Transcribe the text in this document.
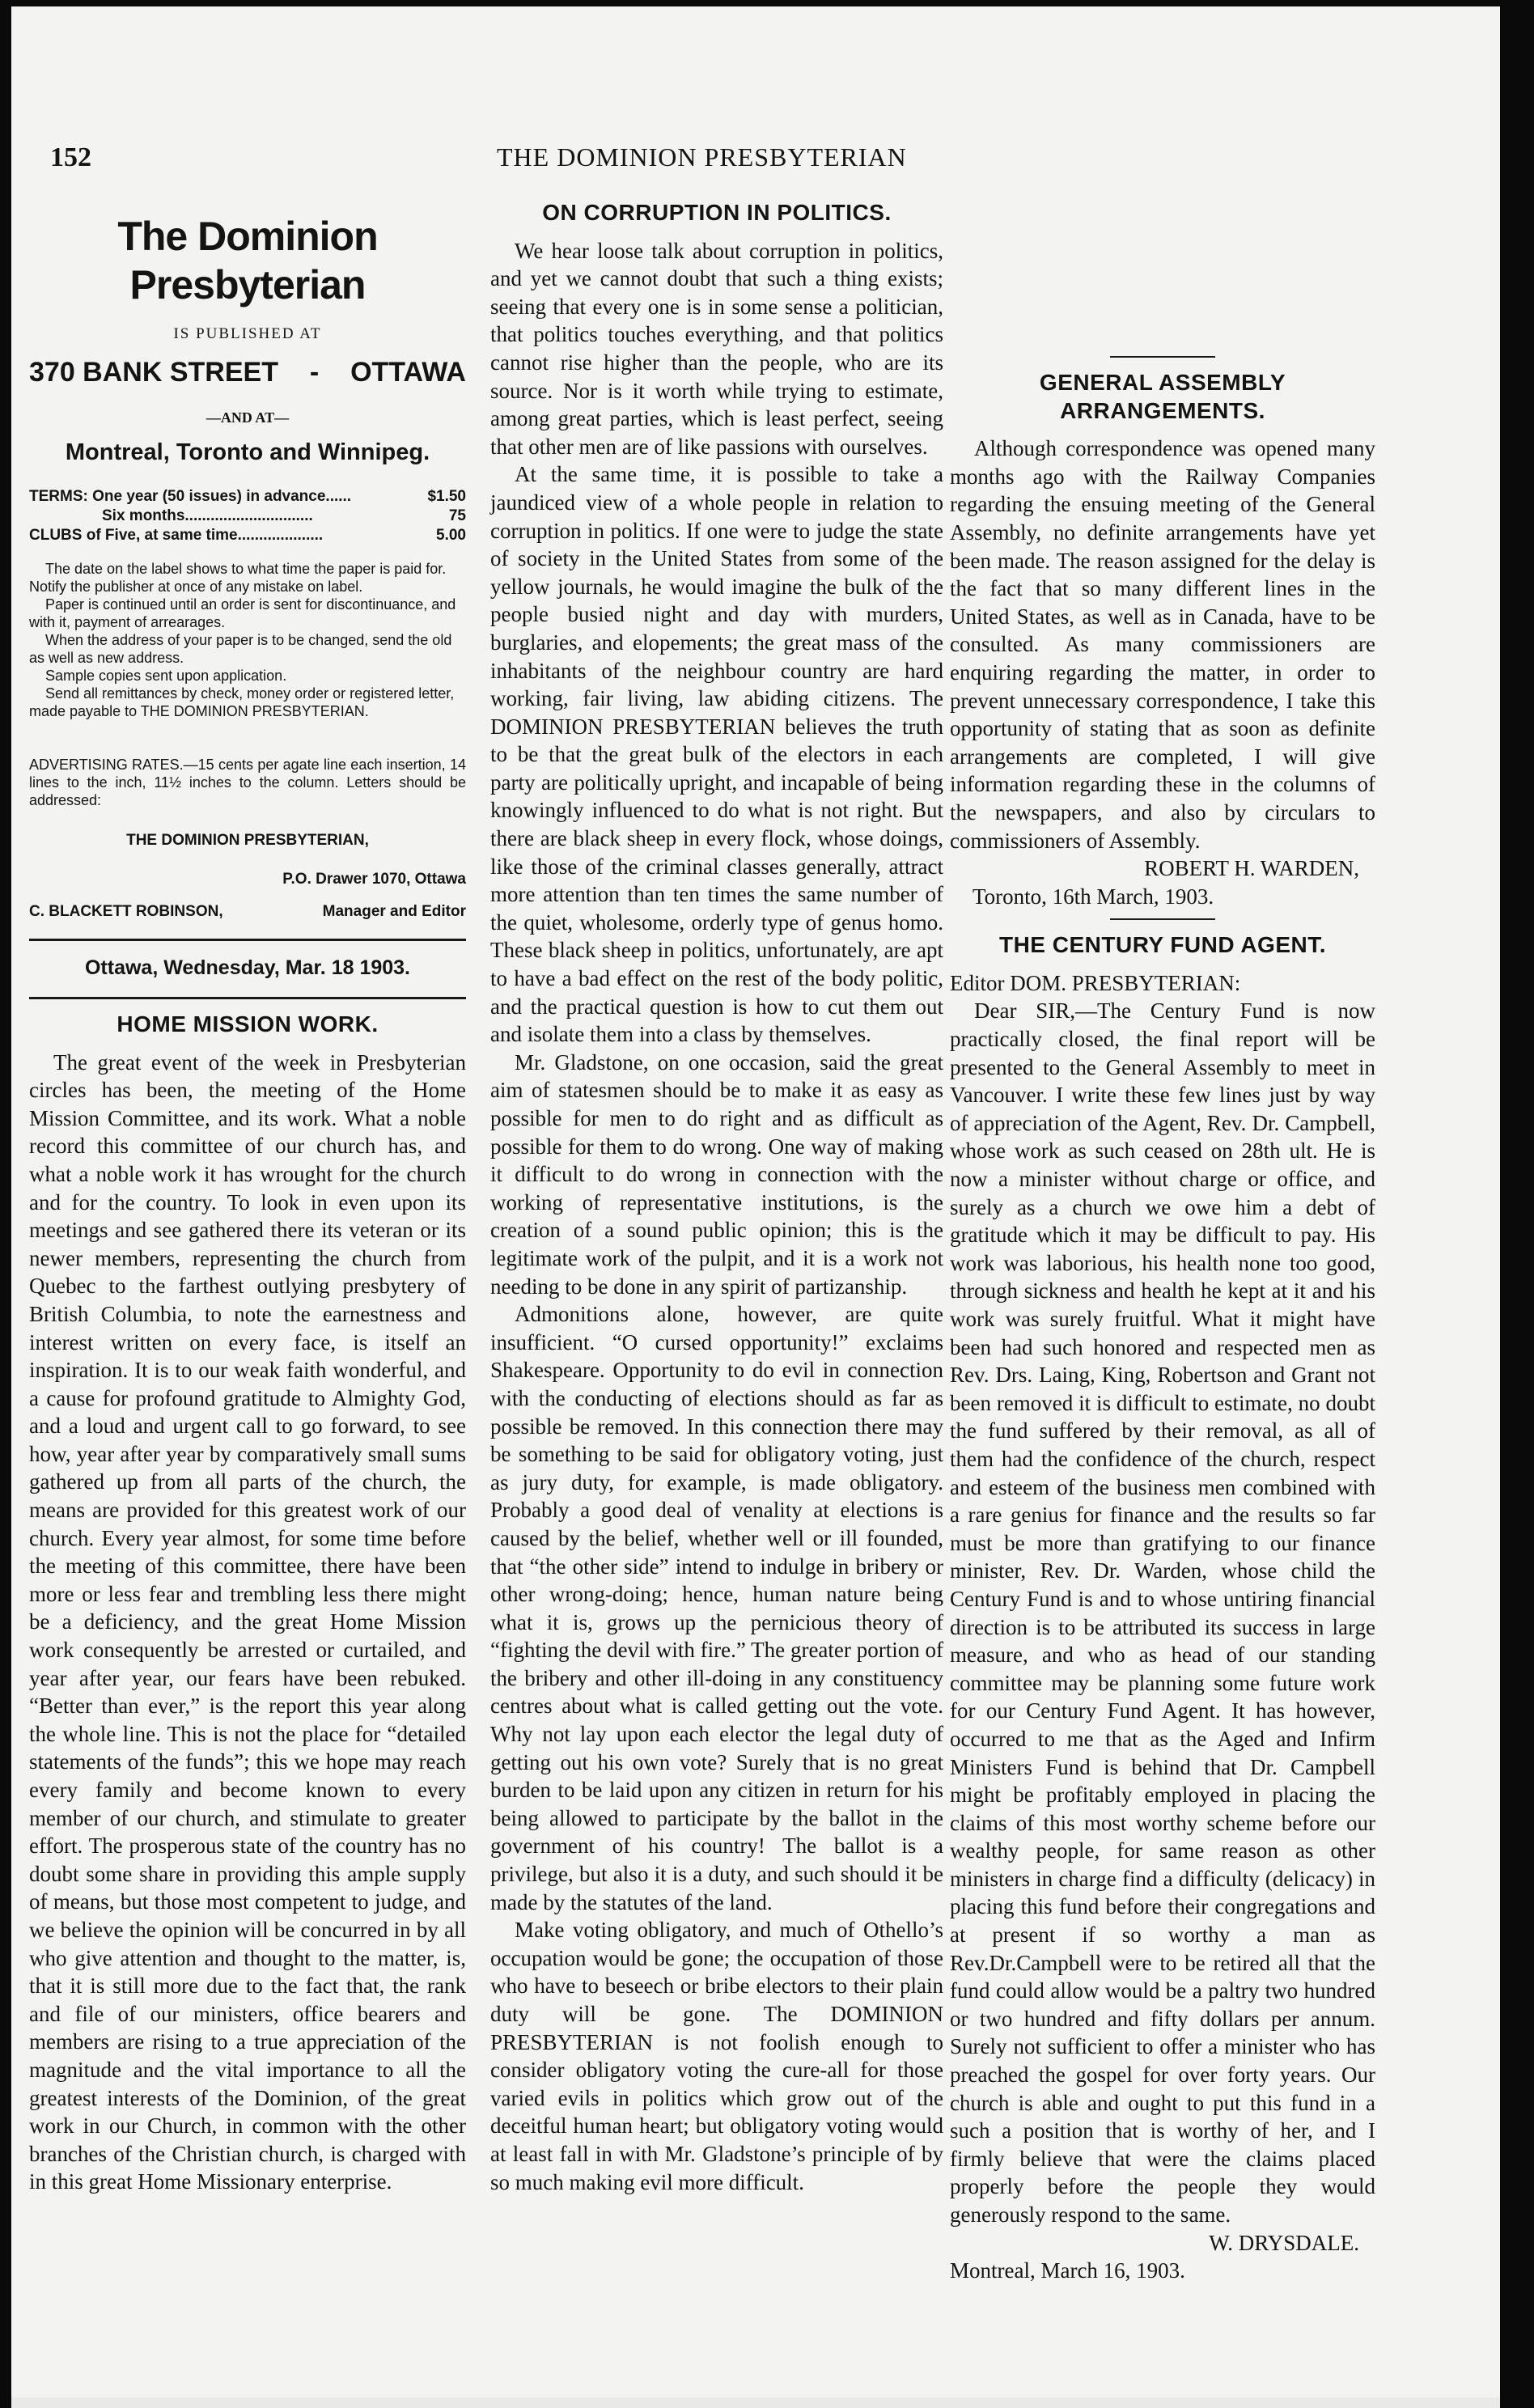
152	THE DOMINION PRESBYTERIAN
The Dominion Presbyterian
IS PUBLISHED AT
370 BANK STREET - OTTAWA
—AND AT—
Montreal, Toronto and Winnipeg.
TERMS: One year (50 issues) in advance......	$1.50
Six months..............................	75
CLUBS of Five, at same time....................	5.00

The date on the label shows to what time the paper is paid for. Notify the publisher at once of any mistake on label.

Paper is continued until an order is sent for discontinuance, and with it, payment of arrearages.

When the address of your paper is to be changed, send the old as well as new address.

Sample copies sent upon application.

Send all remittances by check, money order or registered letter, made payable to THE DOMINION PRESBYTERIAN.

ADVERTISING RATES.—15 cents per agate line each insertion, 14 lines to the inch, 11½ inches to the column. Letters should be addressed:
THE DOMINION PRESBYTERIAN,
P.O. Drawer 1070, Ottawa
C. BLACKETT ROBINSON,	Manager and Editor
Ottawa, Wednesday, Mar. 18 1903.
HOME MISSION WORK.

The great event of the week in Presbyterian circles has been, the meeting of the Home Mission Committee, and its work. What a noble record this committee of our church has, and what a noble work it has wrought for the church and for the country. To look in even upon its meetings and see gathered there its veteran or its newer members, representing the church from Quebec to the farthest outlying presbytery of British Columbia, to note the earnestness and interest written on every face, is itself an inspiration. It is to our weak faith wonderful, and a cause for profound gratitude to Almighty God, and a loud and urgent call to go forward, to see how, year after year by comparatively small sums gathered up from all parts of the church, the means are provided for this greatest work of our church. Every year almost, for some time before the meeting of this committee, there have been more or less fear and trembling less there might be a deficiency, and the great Home Mission work consequently be arrested or curtailed, and year after year, our fears have been rebuked. “Better than ever,” is the report this year along the whole line. This is not the place for “detailed statements of the funds”; this we hope may reach every family and become known to every member of our church, and stimulate to greater effort. The prosperous state of the country has no doubt some share in providing this ample supply of means, but those most competent to judge, and we believe the opinion will be concurred in by all who give attention and thought to the matter, is, that it is still more due to the fact that, the rank and file of our ministers, office bearers and members are rising to a true appreciation of the magnitude and the vital importance to all the greatest interests of the Dominion, of the great work in our Church, in common with the other branches of the Christian church, is charged with in this great Home Missionary enterprise.

ON CORRUPTION IN POLITICS.

We hear loose talk about corruption in politics, and yet we cannot doubt that such a thing exists; seeing that every one is in some sense a politician, that politics touches everything, and that politics cannot rise higher than the people, who are its source. Nor is it worth while trying to estimate, among great parties, which is least perfect, seeing that other men are of like passions with ourselves.

At the same time, it is possible to take a jaundiced view of a whole people in relation to corruption in politics. If one were to judge the state of society in the United States from some of the yellow journals, he would imagine the bulk of the people busied night and day with murders, burglaries, and elopements; the great mass of the inhabitants of the neighbour country are hard working, fair living, law abiding citizens. The DOMINION PRESBYTERIAN believes the truth to be that the great bulk of the electors in each party are politically upright, and incapable of being knowingly influenced to do what is not right. But there are black sheep in every flock, whose doings, like those of the criminal classes generally, attract more attention than ten times the same number of the quiet, wholesome, orderly type of genus homo. These black sheep in politics, unfortunately, are apt to have a bad effect on the rest of the body politic, and the practical question is how to cut them out and isolate them into a class by themselves.

Mr. Gladstone, on one occasion, said the great aim of statesmen should be to make it as easy as possible for men to do right and as difficult as possible for them to do wrong. One way of making it difficult to do wrong in connection with the working of representative institutions, is the creation of a sound public opinion; this is the legitimate work of the pulpit, and it is a work not needing to be done in any spirit of partizanship.

Admonitions alone, however, are quite insufficient. “O cursed opportunity!” exclaims Shakespeare. Opportunity to do evil in connection with the conducting of elections should as far as possible be removed. In this connection there may be something to be said for obligatory voting, just as jury duty, for example, is made obligatory. Probably a good deal of venality at elections is caused by the belief, whether well or ill founded, that “the other side” intend to indulge in bribery or other wrong-doing; hence, human nature being what it is, grows up the pernicious theory of “fighting the devil with fire.” The greater portion of the bribery and other ill-doing in any constituency centres about what is called getting out the vote. Why not lay upon each elector the legal duty of getting out his own vote? Surely that is no great burden to be laid upon any citizen in return for his being allowed to participate by the ballot in the government of his country! The ballot is a privilege, but also it is a duty, and such should it be made by the statutes of the land.

Make voting obligatory, and much of Othello’s occupation would be gone; the occupation of those who have to beseech or bribe electors to their plain duty will be gone. The DOMINION PRESBYTERIAN is not foolish enough to consider obligatory voting the cure-all for those varied evils in politics which grow out of the deceitful human heart; but obligatory voting would at least fall in with Mr. Gladstone’s principle of by so much making evil more difficult.

GENERAL ASSEMBLY ARRANGEMENTS.

Although correspondence was opened many months ago with the Railway Companies regarding the ensuing meeting of the General Assembly, no definite arrangements have yet been made. The reason assigned for the delay is the fact that so many different lines in the United States, as well as in Canada, have to be consulted. As many commissioners are enquiring regarding the matter, in order to prevent unnecessary correspondence, I take this opportunity of stating that as soon as definite arrangements are completed, I will give information regarding these in the columns of the newspapers, and also by circulars to commissioners of Assembly.

ROBERT H. WARDEN,
Toronto, 16th March, 1903.
THE CENTURY FUND AGENT.
Editor DOM. PRESBYTERIAN:

Dear SIR,—The Century Fund is now practically closed, the final report will be presented to the General Assembly to meet in Vancouver. I write these few lines just by way of appreciation of the Agent, Rev. Dr. Campbell, whose work as such ceased on 28th ult. He is now a minister without charge or office, and surely as a church we owe him a debt of gratitude which it may be difficult to pay. His work was laborious, his health none too good, through sickness and health he kept at it and his work was surely fruitful. What it might have been had such honored and respected men as Rev. Drs. Laing, King, Robertson and Grant not been removed it is difficult to estimate, no doubt the fund suffered by their removal, as all of them had the confidence of the church, respect and esteem of the business men combined with a rare genius for finance and the results so far must be more than gratifying to our finance minister, Rev. Dr. Warden, whose child the Century Fund is and to whose untiring financial direction is to be attributed its success in large measure, and who as head of our standing committee may be planning some future work for our Century Fund Agent. It has however, occurred to me that as the Aged and Infirm Ministers Fund is behind that Dr. Campbell might be profitably employed in placing the claims of this most worthy scheme before our wealthy people, for same reason as other ministers in charge find a difficulty (delicacy) in placing this fund before their congregations and at present if so worthy a man as Rev.Dr.Campbell were to be retired all that the fund could allow would be a paltry two hundred or two hundred and fifty dollars per annum. Surely not sufficient to offer a minister who has preached the gospel for over forty years. Our church is able and ought to put this fund in a such a position that is worthy of her, and I firmly believe that were the claims placed properly before the people they would generously respond to the same.

W. DRYSDALE.
Montreal, March 16, 1903.
